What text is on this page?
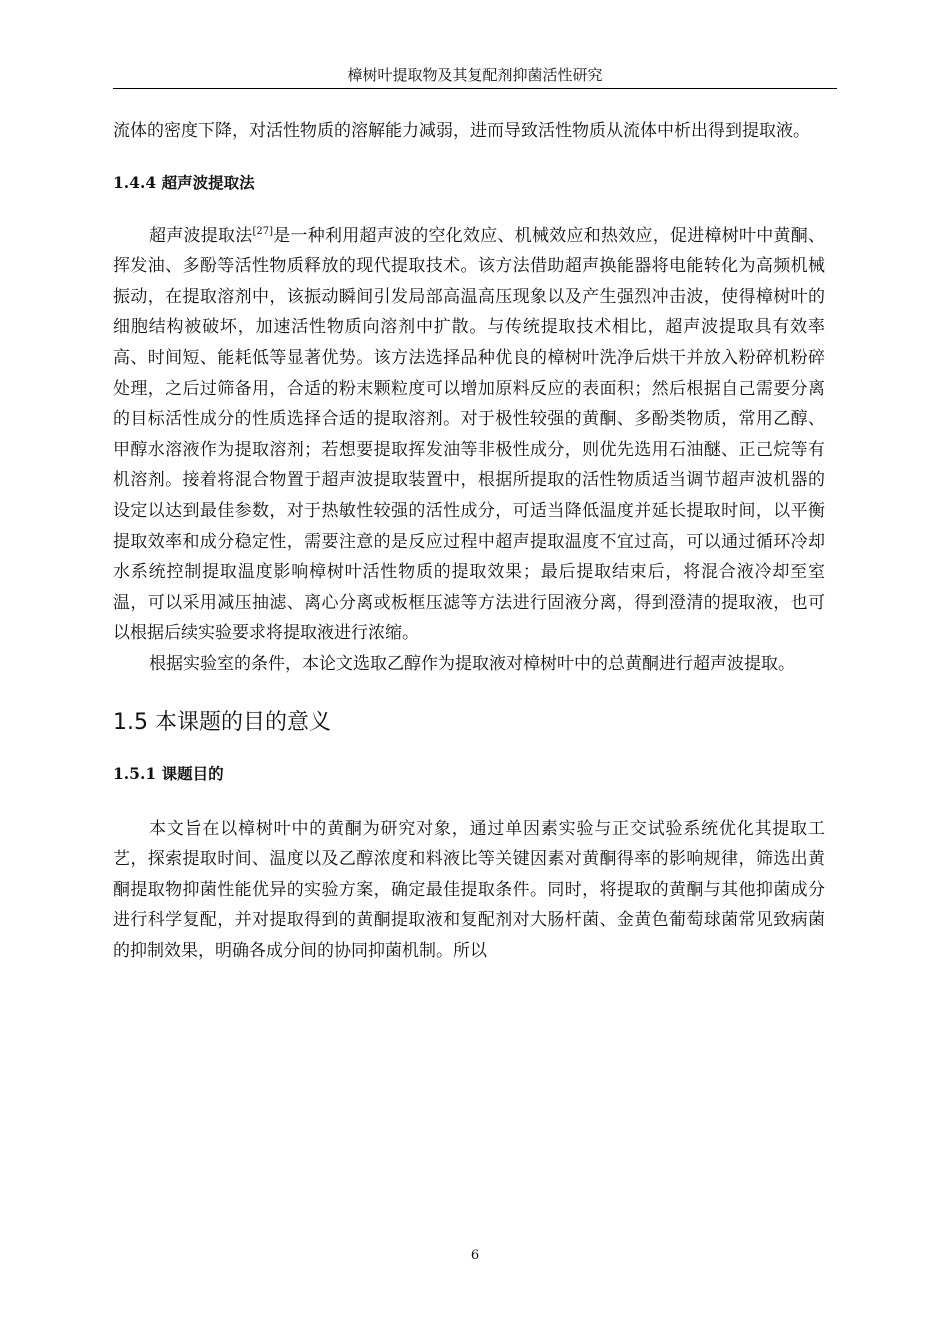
樟树叶提取物及其复配剂抑菌活性研究

流体的密度下降，对活性物质的溶解能力减弱，进而导致活性物质从流体中析出得到提取液。

1.4.4 超声波提取法

超声波提取法[27]是一种利用超声波的空化效应、机械效应和热效应，促进樟树叶中黄酮、挥发油、多酚等活性物质释放的现代提取技术。该方法借助超声换能器将电能转化为高频机械振动，在提取溶剂中，该振动瞬间引发局部高温高压现象以及产生强烈冲击波，使得樟树叶的细胞结构被破坏，加速活性物质向溶剂中扩散。与传统提取技术相比，超声波提取具有效率高、时间短、能耗低等显著优势。该方法选择品种优良的樟树叶洗净后烘干并放入粉碎机粉碎处理，之后过筛备用，合适的粉末颗粒度可以增加原料反应的表面积；然后根据自己需要分离的目标活性成分的性质选择合适的提取溶剂。对于极性较强的黄酮、多酚类物质，常用乙醇、甲醇水溶液作为提取溶剂；若想要提取挥发油等非极性成分，则优先选用石油醚、正己烷等有机溶剂。接着将混合物置于超声波提取装置中，根据所提取的活性物质适当调节超声波机器的设定以达到最佳参数，对于热敏性较强的活性成分，可适当降低温度并延长提取时间，以平衡提取效率和成分稳定性，需要注意的是反应过程中超声提取温度不宜过高，可以通过循环冷却水系统控制提取温度影响樟树叶活性物质的提取效果；最后提取结束后，将混合液冷却至室温，可以采用减压抽滤、离心分离或板框压滤等方法进行固液分离，得到澄清的提取液，也可以根据后续实验要求将提取液进行浓缩。

根据实验室的条件，本论文选取乙醇作为提取液对樟树叶中的总黄酮进行超声波提取。

1.5 本课题的目的意义

1.5.1 课题目的

本文旨在以樟树叶中的黄酮为研究对象，通过单因素实验与正交试验系统优化其提取工艺，探索提取时间、温度以及乙醇浓度和料液比等关键因素对黄酮得率的影响规律，筛选出黄酮提取物抑菌性能优异的实验方案，确定最佳提取条件。同时，将提取的黄酮与其他抑菌成分进行科学复配，并对提取得到的黄酮提取液和复配剂对大肠杆菌、金黄色葡萄球菌常见致病菌的抑制效果，明确各成分间的协同抑菌机制。所以

6
